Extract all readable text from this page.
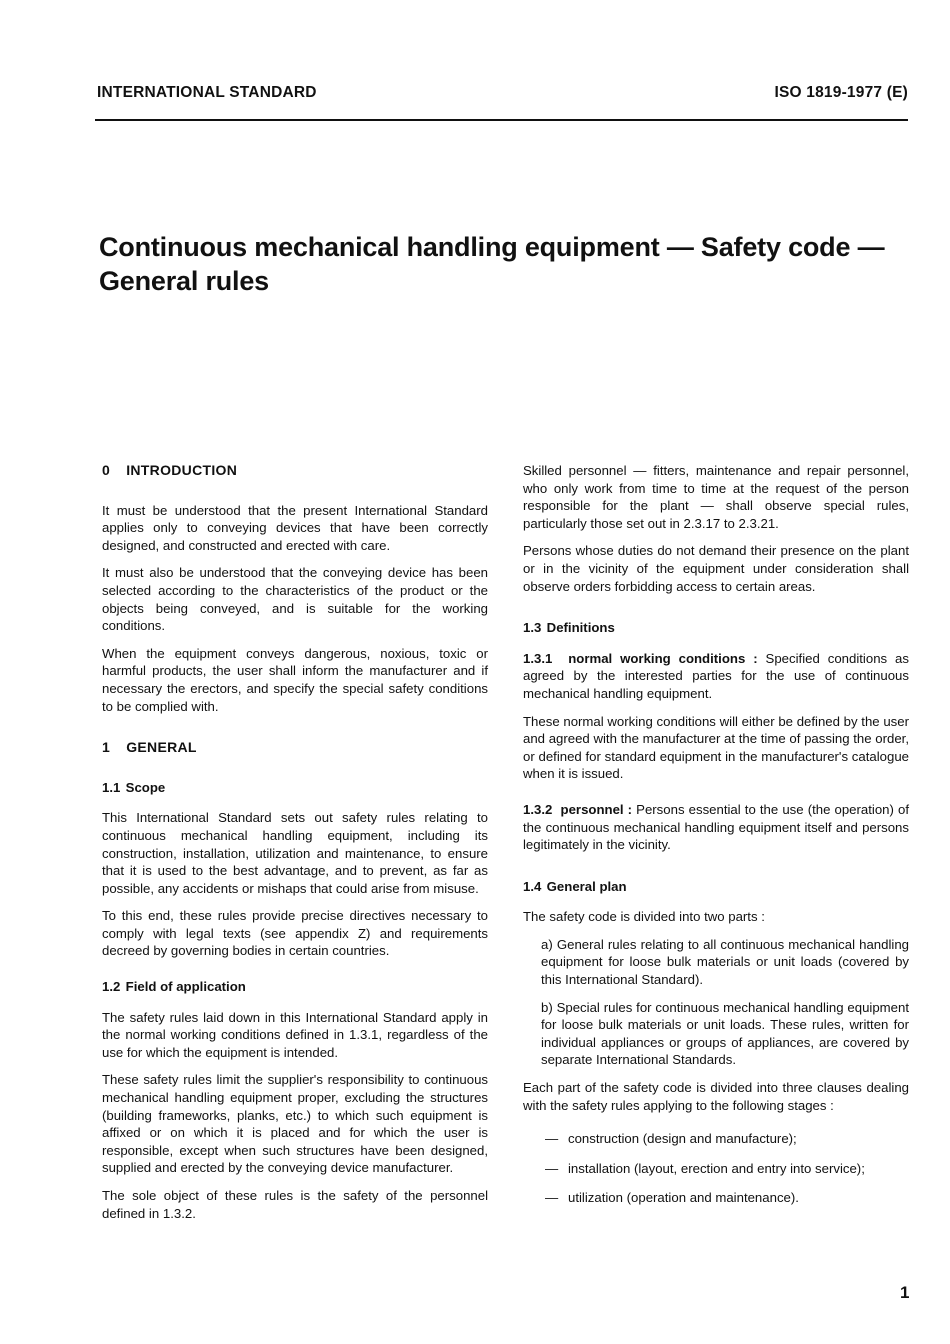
INTERNATIONAL STANDARD	ISO 1819-1977 (E)
Continuous mechanical handling equipment — Safety code —
General rules
0 INTRODUCTION

It must be understood that the present International Standard applies only to conveying devices that have been correctly designed, and constructed and erected with care.

It must also be understood that the conveying device has been selected according to the characteristics of the product or the objects being conveyed, and is suitable for the working conditions.

When the equipment conveys dangerous, noxious, toxic or harmful products, the user shall inform the manufacturer and if necessary the erectors, and specify the special safety conditions to be complied with.

1 GENERAL
1.1 Scope

This International Standard sets out safety rules relating to continuous mechanical handling equipment, including its construction, installation, utilization and maintenance, to ensure that it is used to the best advantage, and to prevent, as far as possible, any accidents or mishaps that could arise from misuse.

To this end, these rules provide precise directives necessary to comply with legal texts (see appendix Z) and requirements decreed by governing bodies in certain countries.

1.2 Field of application

The safety rules laid down in this International Standard apply in the normal working conditions defined in 1.3.1, regardless of the use for which the equipment is intended.

These safety rules limit the supplier's responsibility to continuous mechanical handling equipment proper, excluding the structures (building frameworks, planks, etc.) to which such equipment is affixed or on which it is placed and for which the user is responsible, except when such structures have been designed, supplied and erected by the conveying device manufacturer.

The sole object of these rules is the safety of the personnel defined in 1.3.2.

Skilled personnel — fitters, maintenance and repair personnel, who only work from time to time at the request of the person responsible for the plant — shall observe special rules, particularly those set out in 2.3.17 to 2.3.21.

Persons whose duties do not demand their presence on the plant or in the vicinity of the equipment under consideration shall observe orders forbidding access to certain areas.

1.3 Definitions

1.3.1 normal working conditions : Specified conditions as agreed by the interested parties for the use of continuous mechanical handling equipment.

These normal working conditions will either be defined by the user and agreed with the manufacturer at the time of passing the order, or defined for standard equipment in the manufacturer's catalogue when it is issued.

1.3.2 personnel : Persons essential to the use (the operation) of the continuous mechanical handling equipment itself and persons legitimately in the vicinity.

1.4 General plan

The safety code is divided into two parts :

a) General rules relating to all continuous mechanical handling equipment for loose bulk materials or unit loads (covered by this International Standard).

b) Special rules for continuous mechanical handling equipment for loose bulk materials or unit loads. These rules, written for individual appliances or groups of appliances, are covered by separate International Standards.

Each part of the safety code is divided into three clauses dealing with the safety rules applying to the following stages :

— construction (design and manufacture);
— installation (layout, erection and entry into service);
— utilization (operation and maintenance).
1
